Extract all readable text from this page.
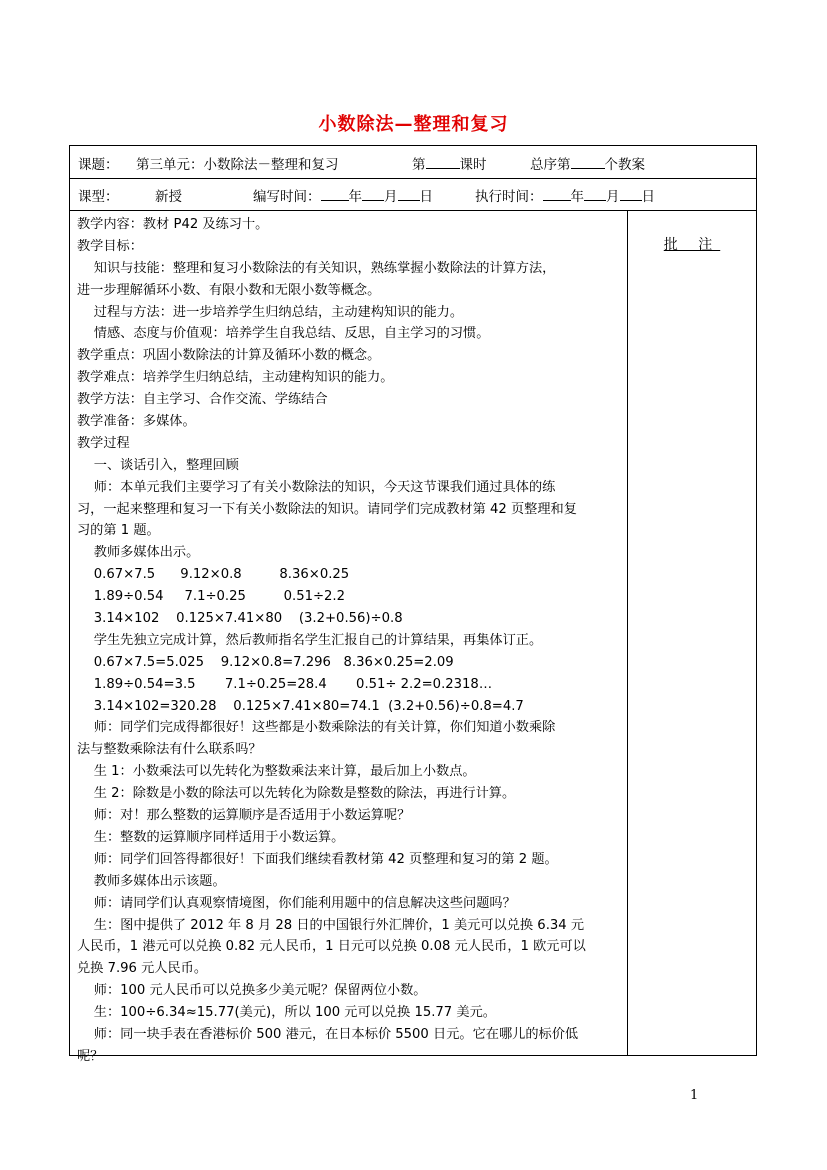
小数除法—整理和复习
课题： 第三单元：小数除法－整理和复习	第	课时	总序第	个教案
课型：	新授	编写时间： 年 月 日	执行时间： 年 月 日
教学内容：教材 P42 及练习十。
教学目标：
知识与技能：整理和复习小数除法的有关知识，熟练掌握小数除法的计算方法，
进一步理解循环小数、有限小数和无限小数等概念。
过程与方法：进一步培养学生归纳总结，主动建构知识的能力。
情感、态度与价值观：培养学生自我总结、反思，自主学习的习惯。
教学重点：巩固小数除法的计算及循环小数的概念。
教学难点：培养学生归纳总结，主动建构知识的能力。
教学方法：自主学习、合作交流、学练结合
教学准备：多媒体。
教学过程
一、谈话引入，整理回顾
师：本单元我们主要学习了有关小数除法的知识，今天这节课我们通过具体的练
习，一起来整理和复习一下有关小数除法的知识。请同学们完成教材第 42 页整理和复
习的第 1 题。
教师多媒体出示。
0.67×7.5      9.12×0.8         8.36×0.25
1.89÷0.54     7.1÷0.25         0.51÷2.2
3.14×102    0.125×7.41×80    (3.2+0.56)÷0.8
学生先独立完成计算，然后教师指名学生汇报自己的计算结果，再集体订正。
0.67×7.5=5.025    9.12×0.8=7.296   8.36×0.25=2.09
1.89÷0.54=3.5       7.1÷0.25=28.4       0.51÷ 2.2=0.2318…
3.14×102=320.28    0.125×7.41×80=74.1  (3.2+0.56)÷0.8=4.7
师：同学们完成得都很好！这些都是小数乘除法的有关计算，你们知道小数乘除
法与整数乘除法有什么联系吗？
生 1：小数乘法可以先转化为整数乘法来计算，最后加上小数点。
生 2：除数是小数的除法可以先转化为除数是整数的除法，再进行计算。
师：对！那么整数的运算顺序是否适用于小数运算呢？
生：整数的运算顺序同样适用于小数运算。
师：同学们回答得都很好！下面我们继续看教材第 42 页整理和复习的第 2 题。
教师多媒体出示该题。
师：请同学们认真观察情境图，你们能利用题中的信息解决这些问题吗？
生：图中提供了 2012 年 8 月 28 日的中国银行外汇牌价，1 美元可以兑换 6.34 元
人民币，1 港元可以兑换 0.82 元人民币，1 日元可以兑换 0.08 元人民币，1 欧元可以
兑换 7.96 元人民币。
师：100 元人民币可以兑换多少美元呢？保留两位小数。
生：100÷6.34≈15.77(美元)，所以 100 元可以兑换 15.77 美元。
师：同一块手表在香港标价 500 港元，在日本标价 5500 日元。它在哪儿的标价低
呢？
批 注
1
